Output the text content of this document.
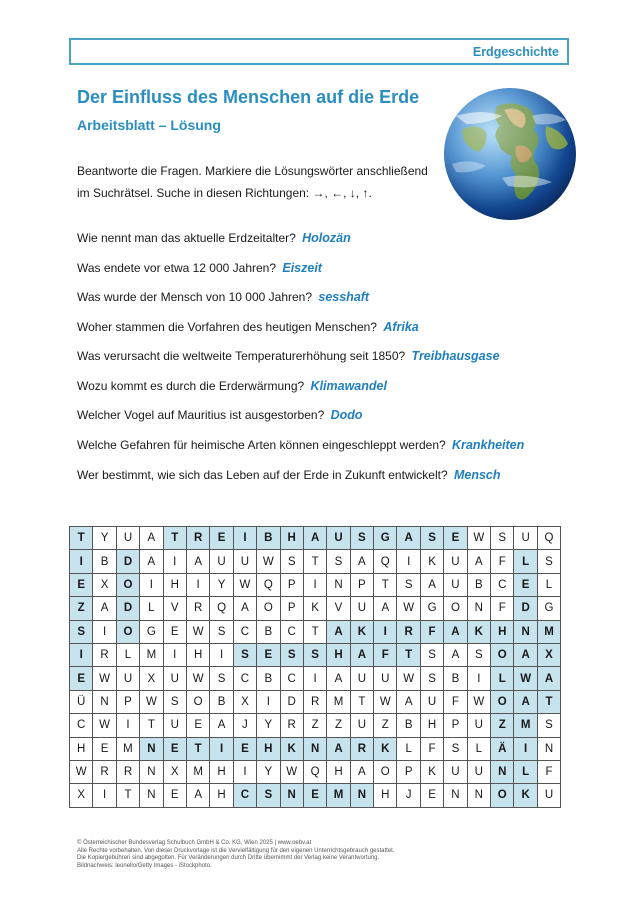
Erdgeschichte
Der Einfluss des Menschen auf die Erde
Arbeitsblatt – Lösung
Beantworte die Fragen. Markiere die Lösungswörter anschließend
im Suchrätsel. Suche in diesen Richtungen: →, ←, ↓, ↑.
Wie nennt man das aktuelle Erdzeitalter? Holozän
Was endete vor etwa 12 000 Jahren? Eiszeit
Was wurde der Mensch von 10 000 Jahren? sesshaft
Woher stammen die Vorfahren des heutigen Menschen? Afrika
Was verursacht die weltweite Temperaturerhöhung seit 1850? Treibhausgase
Wozu kommt es durch die Erderwärmung? Klimawandel
Welcher Vogel auf Mauritius ist ausgestorben? Dodo
Welche Gefahren für heimische Arten können eingeschleppt werden? Krankheiten
Wer bestimmt, wie sich das Leben auf der Erde in Zukunft entwickelt? Mensch
T	Y	U	A	T	R	E	I	B	H	A	U	S	G	A	S	E	W	S	U	Q
I	B	D	A	I	A	U	U	W	S	T	S	A	Q	I	K	U	A	F	L	S
E	X	O	I	H	I	Y	W	Q	P	I	N	P	T	S	A	U	B	C	E	L
Z	A	D	L	V	R	Q	A	O	P	K	V	U	A	W	G	O	N	F	D	G
S	I	O	G	E	W	S	C	B	C	T	A	K	I	R	F	A	K	H	N	M
I	R	L	M	I	H	I	S	E	S	S	H	A	F	T	S	A	S	O	A	X
E	W	U	X	U	W	S	C	B	C	I	A	U	U	W	S	B	I	L	W	A
Ü	N	P	W	S	O	B	X	I	D	R	M	T	W	A	U	F	W	O	A	T
C	W	I	T	U	E	A	J	Y	R	Z	Z	U	Z	B	H	P	U	Z	M	S
H	E	M	N	E	T	I	E	H	K	N	A	R	K	L	F	S	L	Ä	I	N
W	R	R	N	X	M	H	I	Y	W	Q	H	A	O	P	K	U	U	N	L	F
X	I	T	N	E	A	H	C	S	N	E	M	N	H	J	E	N	N	O	K	U
© Österreichischer Bundesverlag Schulbuch GmbH & Co. KG, Wien 2025 | www.oebv.at
Alle Rechte vorbehalten. Von dieser Druckvorlage ist die Vervielfältigung für den eigenen Unterrichtsgebrauch gestattet.
Die Kopiergebühren sind abgegolten. Für Veränderungen durch Dritte übernimmt der Verlag keine Verantwortung.
Bildnachweis: leonello/Getty Images - iStockphoto.
